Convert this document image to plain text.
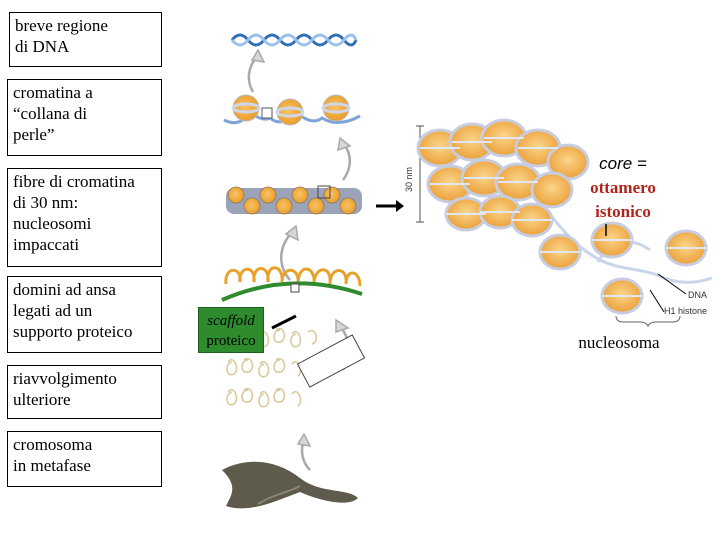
breve regione
di DNA
cromatina a
“collana di
perle”
fibre di cromatina
di 30 nm:
nucleosomi
impaccati
domini ad ansa
legati ad un
supporto proteico
riavvolgimento
ulteriore
cromosoma
in metafase
30 nm
DNA
H1 histone
scaffold
proteico
core =
ottamero
istonico
nucleosoma
